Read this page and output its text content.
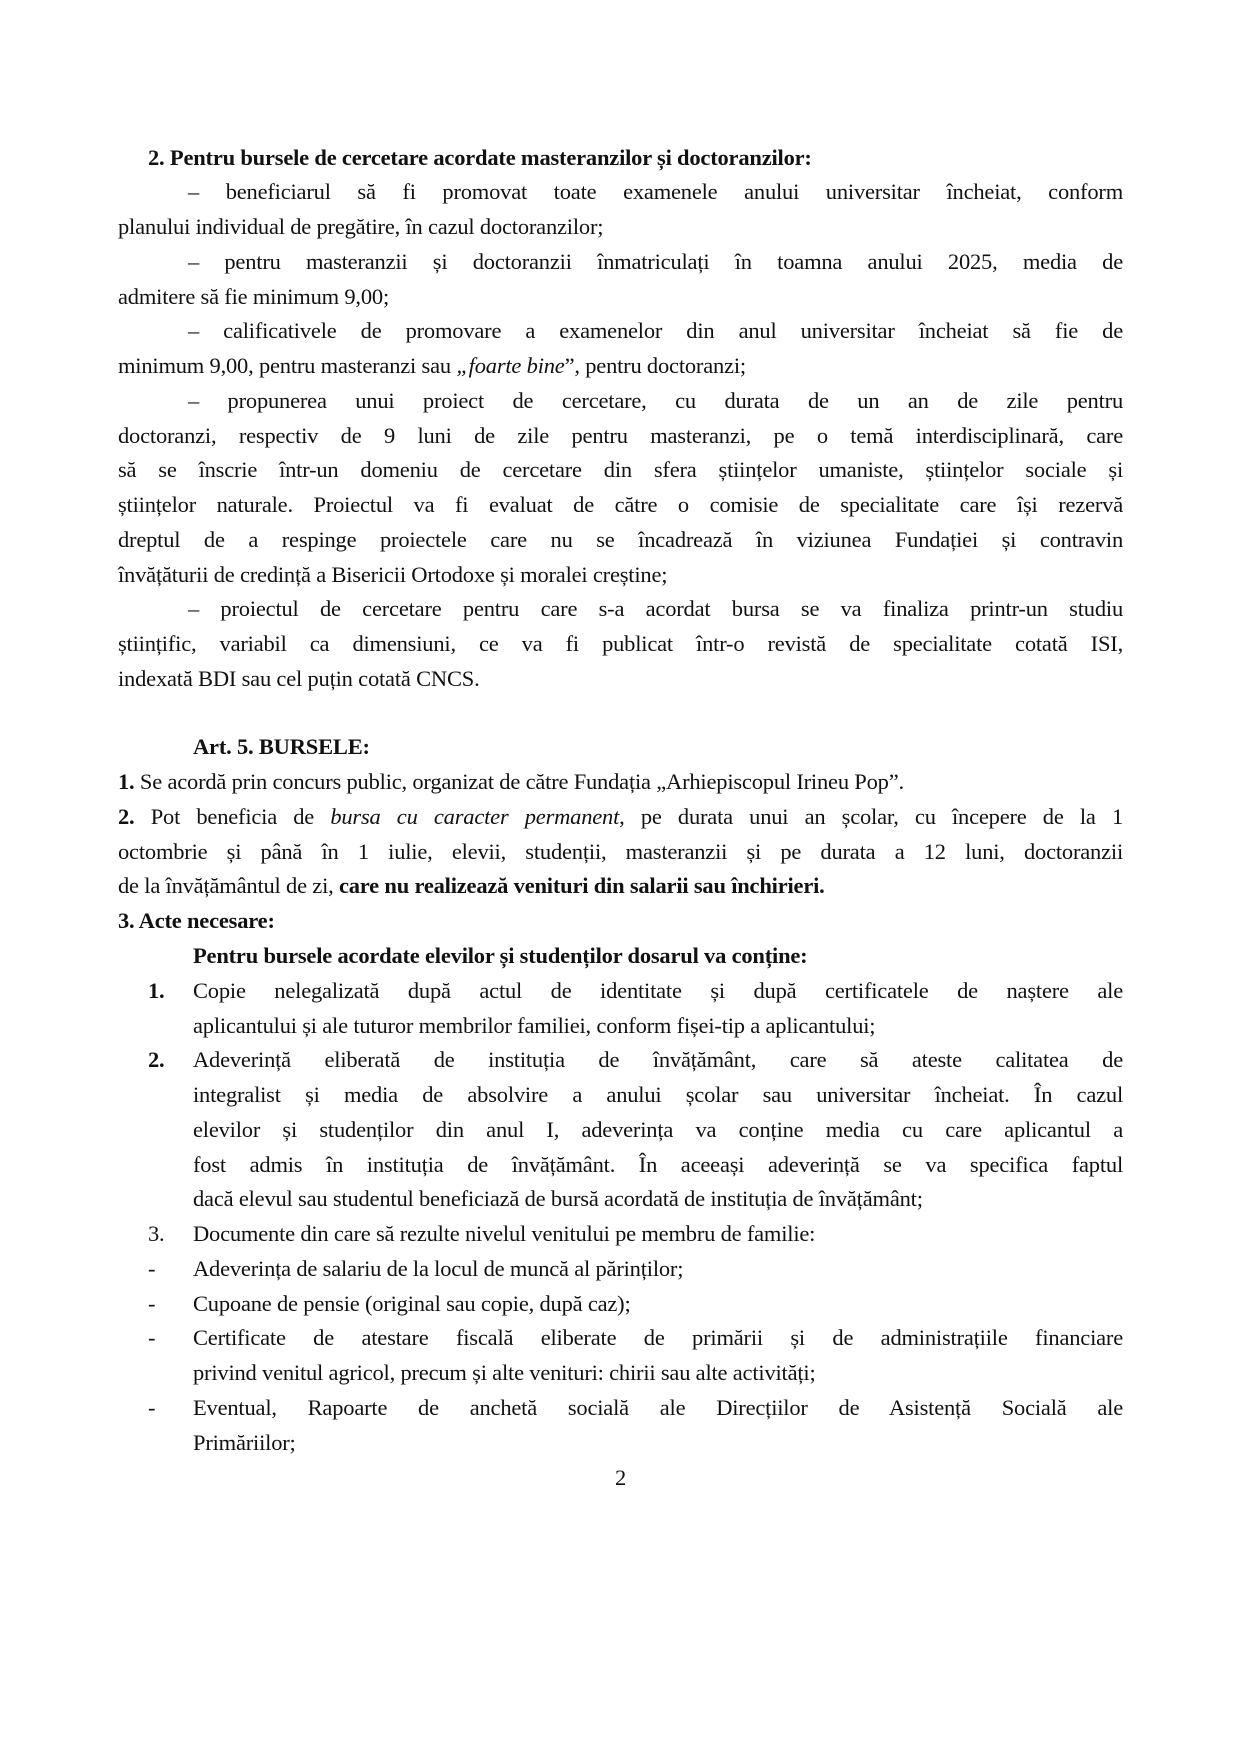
2. Pentru bursele de cercetare acordate masteranzilor și doctoranzilor:
– beneficiarul să fi promovat toate examenele anului universitar încheiat, conform
planului individual de pregătire, în cazul doctoranzilor;
– pentru masteranzii și doctoranzii înmatriculați în toamna anului 2025, media de
admitere să fie minimum 9,00;
– calificativele de promovare a examenelor din anul universitar încheiat să fie de
minimum 9,00, pentru masteranzi sau „foarte bine”, pentru doctoranzi;
– propunerea unui proiect de cercetare, cu durata de un an de zile pentru
doctoranzi, respectiv de 9 luni de zile pentru masteranzi, pe o temă interdisciplinară, care
să se înscrie într-un domeniu de cercetare din sfera științelor umaniste, științelor sociale și
științelor naturale. Proiectul va fi evaluat de către o comisie de specialitate care își rezervă
dreptul de a respinge proiectele care nu se încadrează în viziunea Fundației și contravin
învățăturii de credință a Bisericii Ortodoxe și moralei creștine;
– proiectul de cercetare pentru care s-a acordat bursa se va finaliza printr-un studiu
științific, variabil ca dimensiuni, ce va fi publicat într-o revistă de specialitate cotată ISI,
indexată BDI sau cel puțin cotată CNCS.
Art. 5. BURSELE:
1. Se acordă prin concurs public, organizat de către Fundația „Arhiepiscopul Irineu Pop”.
2. Pot beneficia de bursa cu caracter permanent, pe durata unui an școlar, cu începere de la 1
octombrie și până în 1 iulie, elevii, studenții, masteranzii și pe durata a 12 luni, doctoranzii
de la învățământul de zi, care nu realizează venituri din salarii sau închirieri.
3. Acte necesare:
Pentru bursele acordate elevilor și studenților dosarul va conține:
1.	Copie nelegalizată după actul de identitate și după certificatele de naștere ale
aplicantului și ale tuturor membrilor familiei, conform fișei-tip a aplicantului;
2.	Adeverință eliberată de instituția de învățământ, care să ateste calitatea de
integralist și media de absolvire a anului școlar sau universitar încheiat. În cazul
elevilor și studenților din anul I, adeverința va conține media cu care aplicantul a
fost admis în instituția de învățământ. În aceeași adeverință se va specifica faptul
dacă elevul sau studentul beneficiază de bursă acordată de instituția de învățământ;
3.	Documente din care să rezulte nivelul venitului pe membru de familie:
-	Adeverința de salariu de la locul de muncă al părinților;
-	Cupoane de pensie (original sau copie, după caz);
-	Certificate de atestare fiscală eliberate de primării și de administrațiile financiare
privind venitul agricol, precum și alte venituri: chirii sau alte activități;
-	Eventual, Rapoarte de anchetă socială ale Direcțiilor de Asistență Socială ale
Primăriilor;
2
